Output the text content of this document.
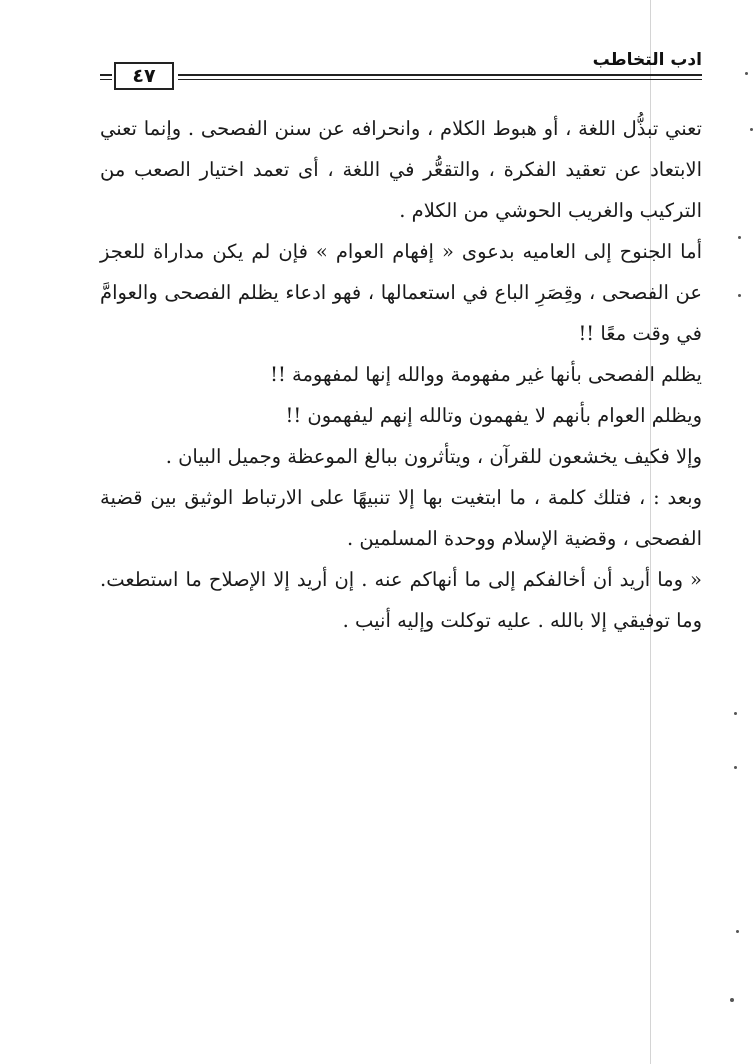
ادب التخاطب
٤٧

تعني تبذُّل اللغة ، أو هبوط الكلام ، وانحرافه عن سنن الفصحى . وإنما تعني الابتعاد عن تعقيد الفكرة ، والتقعُّر في اللغة ، أى تعمد اختيار الصعب من التركيب والغريب الحوشي من الكلام .

أما الجنوح إلى العاميه بدعوى « إفهام العوام » فإن لم يكن مداراة للعجز عن الفصحى ، وقِصَرِ الباع في استعمالها ، فهو ادعاء يظلم الفصحى والعوامَّ في وقت معًا !!

يظلم الفصحى بأنها غير مفهومة ووالله إنها لمفهومة !!

ويظلم العوام بأنهم لا يفهمون وتالله إنهم ليفهمون !!

وإلا فكيف يخشعون للقرآن ، ويتأثرون ببالغ الموعظة وجميل البيان .

وبعد : ، فتلك كلمة ، ما ابتغيت بها إلا تنبيهًا على الارتباط الوثيق بين قضية الفصحى ، وقضية الإسلام ووحدة المسلمين .

« وما أريد أن أخالفكم إلى ما أنهاكم عنه . إن أريد إلا الإصلاح ما استطعت. وما توفيقي إلا بالله . عليه توكلت وإليه أنيب .
